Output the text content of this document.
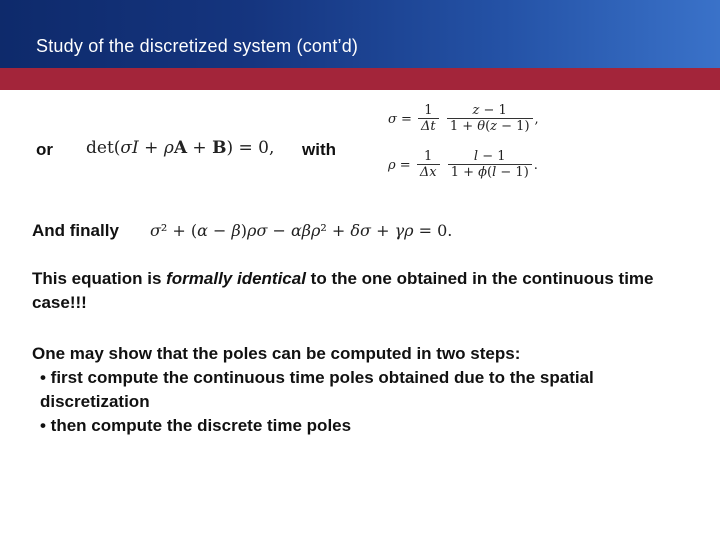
Study of the discretized system (cont’d)
or det(σI + ρA + B) = 0, with
$\sigma = \frac{1}{\Delta t}$
$\frac{z - 1}{1 + \theta(z - 1)}$ ,
$\rho = \frac{1}{\Delta x}$
$\frac{l - 1}{1 + \phi(l - 1)}$ .
And finally σ² + (α − β)ρσ − αβρ² + δσ + γρ = 0.
This equation is formally identical to the one obtained in the continuous time case!!!
One may show that the poles can be computed in two steps:
• first compute the continuous time poles obtained due to the spatial discretization
• then compute the discrete time poles
